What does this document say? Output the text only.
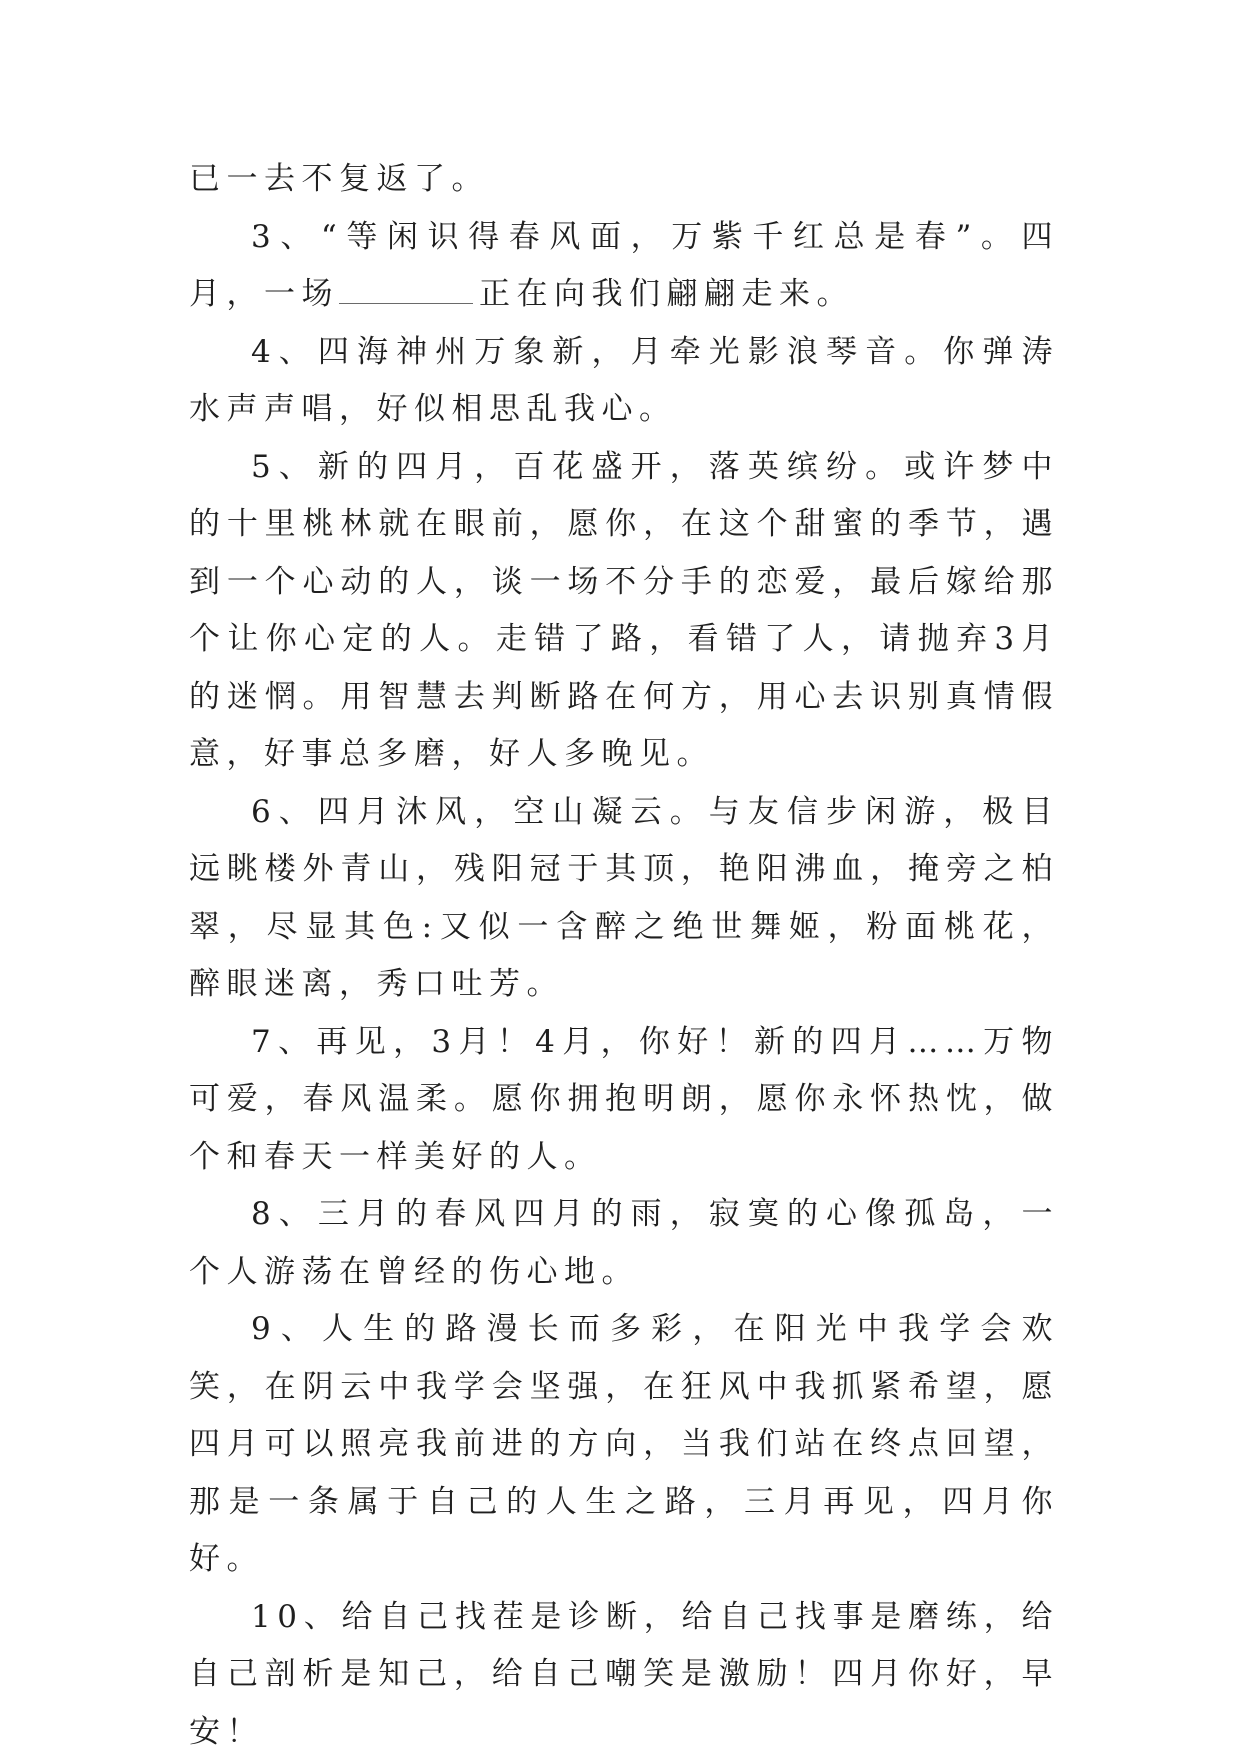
已一去不复返了。

3、“等闲识得春风面，万紫千红总是春”。四月，一场	正在向我们翩翩走来。

4、四海神州万象新，月牵光影浪琴音。你弹涛水声声唱，好似相思乱我心。

5、新的四月，百花盛开，落英缤纷。或许梦中的十里桃林就在眼前，愿你，在这个甜蜜的季节，遇到一个心动的人，谈一场不分手的恋爱，最后嫁给那个让你心定的人。走错了路，看错了人，请抛弃3月的迷惘。用智慧去判断路在何方，用心去识别真情假意，好事总多磨，好人多晚见。

6、四月沐风，空山凝云。与友信步闲游，极目远眺楼外青山，残阳冠于其顶，艳阳沸血，掩旁之柏翠，尽显其色:又似一含醉之绝世舞姬，粉面桃花，醉眼迷离，秀口吐芳。

7、再见，3月！4月，你好！新的四月……万物可爱，春风温柔。愿你拥抱明朗，愿你永怀热忱，做个和春天一样美好的人。

8、三月的春风四月的雨，寂寞的心像孤岛，一个人游荡在曾经的伤心地。

9、人生的路漫长而多彩，在阳光中我学会欢笑，在阴云中我学会坚强，在狂风中我抓紧希望，愿四月可以照亮我前进的方向，当我们站在终点回望，那是一条属于自己的人生之路，三月再见，四月你好。

10、给自己找茬是诊断，给自己找事是磨练，给自己剖析是知己，给自己嘲笑是激励！四月你好，早安！
